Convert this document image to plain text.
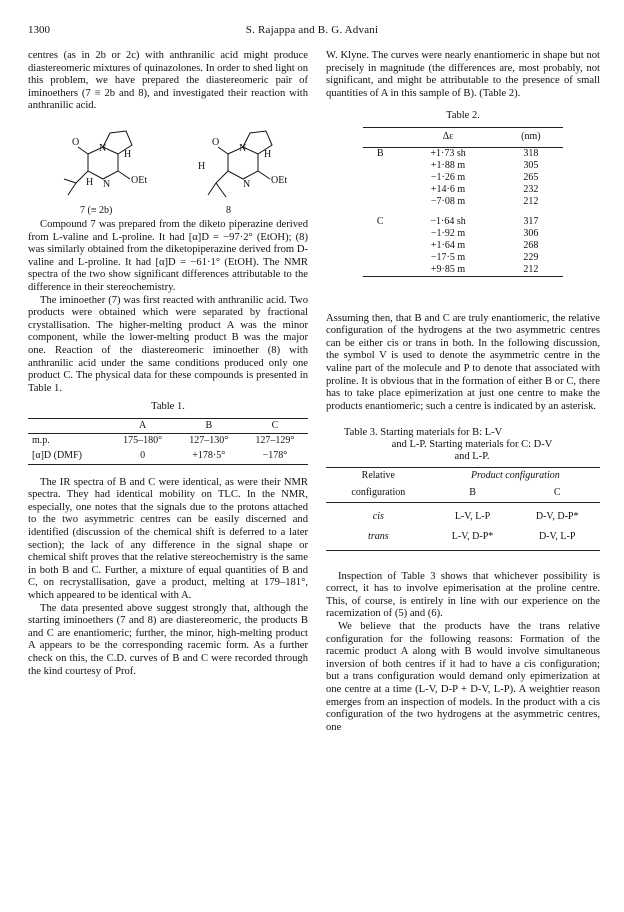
1300	S. Rajappa and B. G. Advani

centres (as in 2b or 2c) with anthranilic acid might produce diastereomeric mixtures of quinazolones. In order to shed light on this problem, we have prepared the diastereomeric pair of iminoethers (7 ≡ 2b and 8), and investigated their reaction with anthranilic acid.

O
N
H
N
H	OEt
O
N
H
N
H
OEt
7 (≡ 2b)	8

Compound 7 was prepared from the diketo piperazine derived from L-valine and L-proline. It had [α]D = −97·2° (EtOH); (8) was similarly obtained from the diketopiperazine derived from D-valine and L-proline. It had [α]D = −61·1° (EtOH). The NMR spectra of the two show significant differences attributable to the difference in their stereochemistry.

The iminoether (7) was first reacted with anthranilic acid. Two products were obtained which were separated by fractional crystallisation. The higher-melting product A was the minor component, while the lower-melting product B was the major one. Reaction of the diastereomeric iminoether (8) with anthranilic acid under the same conditions produced only one product C. The physical data for these compounds is presented in Table 1.

Table 1.
	A	B	C
m.p.	175–180°	127–130°	127–129°
[α]D (DMF)	0	+178·5°	−178°

The IR spectra of B and C were identical, as were their NMR spectra. They had identical mobility on TLC. In the NMR, especially, one notes that the signals due to the protons attached to the two asymmetric centres can be easily discerned and identified (discussion of the chemical shift is deferred to a later section); the lack of any difference in the signal shape or chemical shift proves that the relative stereochemistry is the same in both B and C. Further, a mixture of equal quantities of B and C, on recrystallisation, gave a product, melting at 179–181°, which appeared to be identical with A.

The data presented above suggest strongly that, although the starting iminoethers (7 and 8) are diastereomeric, the products B and C are enantiomeric; further, the minor, high-melting product A appears to be the corresponding racemic form. As a further check on this, the C.D. curves of B and C were recorded through the kind courtesy of Prof.

W. Klyne. The curves were nearly enantiomeric in shape but not precisely in magnitude (the differences are, most probably, not significant, and might be attributable to the presence of small quantities of A in this sample of B). (Table 2).

Table 2.
	Δε	(nm)
B	+1·73 sh	318
	+1·88 m	305
	−1·26 m	265
	+14·6 m	232
	−7·08 m	212
C	−1·64 sh	317
	−1·92 m	306
	+1·64 m	268
	−17·5 m	229
	+9·85 m	212

Assuming then, that B and C are truly enantiomeric, the relative configuration of the hydrogens at the two asymmetric centres can be either cis or trans in both. In the following discussion, the symbol V is used to denote the asymmetric centre in the valine part of the molecule and P to denote that associated with proline. It is obvious that in the formation of either B or C, there has to take place epimerization at just one centre to make the products enantiomeric; such a centre is indicated by an asterisk.

Table 3. Starting materials for B: L-V
and L-P. Starting materials for C: D-V
and L-P.
Relative	Product configuration	
configuration	B	C
cis	L-V, L-P	D-V, D-P*
trans	L-V, D-P*	D-V, L-P

Inspection of Table 3 shows that whichever possibility is correct, it has to involve epimerisation at the proline centre. This, of course, is entirely in line with our experience on the racemization of (5) and (6).

We believe that the products have the trans relative configuration for the following reasons: Formation of the racemic product A along with B would involve simultaneous inversion of both centres if it had to have a cis configuration; but a trans configuration would demand only epimerization at one centre at a time (L-V, D-P + D-V, L-P). A weightier reason emerges from an inspection of models. In the product with a cis configuration of the two hydrogens at the asymmetric centres, one
